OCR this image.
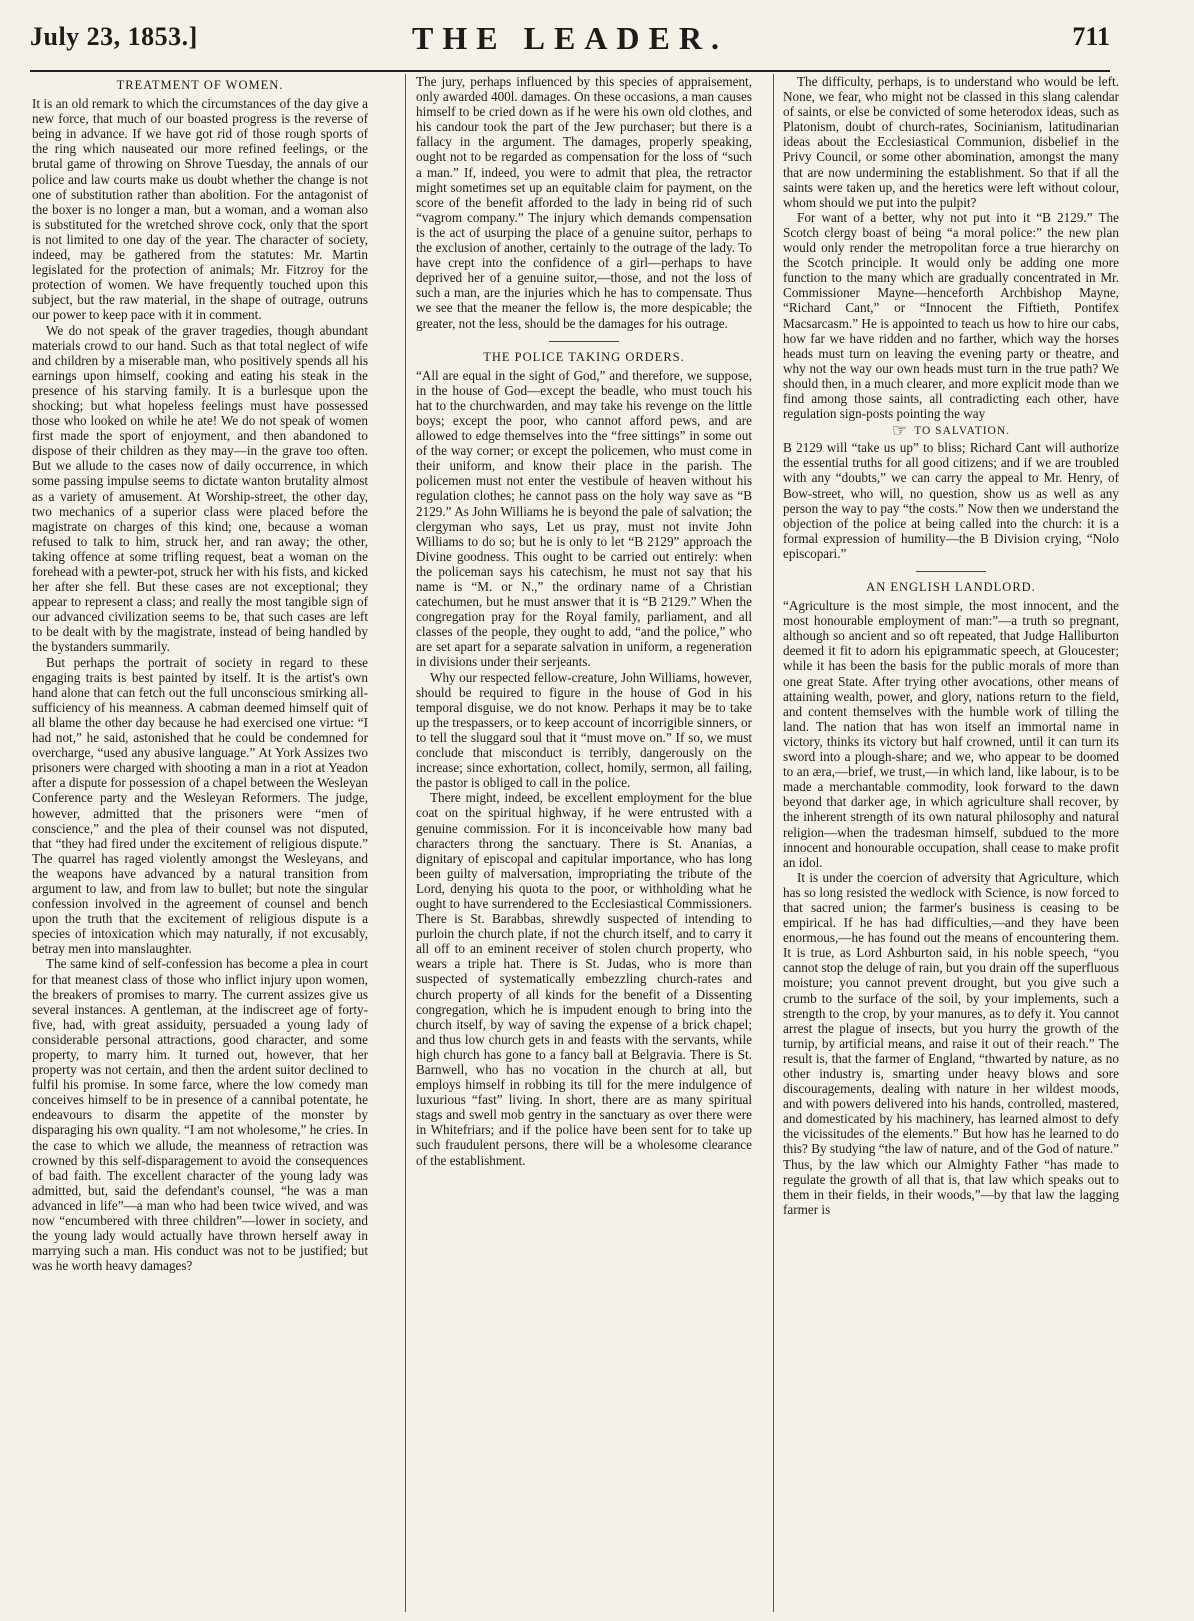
July 23, 1853.]	THE LEADER.	711
TREATMENT OF WOMEN.

It is an old remark to which the circumstances of the day give a new force, that much of our boasted progress is the reverse of being in advance. If we have got rid of those rough sports of the ring which nauseated our more refined feelings, or the brutal game of throwing on Shrove Tuesday, the annals of our police and law courts make us doubt whether the change is not one of substitution rather than abolition. For the antagonist of the boxer is no longer a man, but a woman, and a woman also is substituted for the wretched shrove cock, only that the sport is not limited to one day of the year. The character of society, indeed, may be gathered from the statutes: Mr. Martin legislated for the protection of animals; Mr. Fitzroy for the protection of women. We have frequently touched upon this subject, but the raw material, in the shape of outrage, outruns our power to keep pace with it in comment.

We do not speak of the graver tragedies, though abundant materials crowd to our hand. Such as that total neglect of wife and children by a miserable man, who positively spends all his earnings upon himself, cooking and eating his steak in the presence of his starving family. It is a burlesque upon the shocking; but what hopeless feelings must have possessed those who looked on while he ate! We do not speak of women first made the sport of enjoyment, and then abandoned to dispose of their children as they may—in the grave too often. But we allude to the cases now of daily occurrence, in which some passing impulse seems to dictate wanton brutality almost as a variety of amusement. At Worship-street, the other day, two mechanics of a superior class were placed before the magistrate on charges of this kind; one, because a woman refused to talk to him, struck her, and ran away; the other, taking offence at some trifling request, beat a woman on the forehead with a pewter-pot, struck her with his fists, and kicked her after she fell. But these cases are not exceptional; they appear to represent a class; and really the most tangible sign of our advanced civilization seems to be, that such cases are left to be dealt with by the magistrate, instead of being handled by the bystanders summarily.

But perhaps the portrait of society in regard to these engaging traits is best painted by itself. It is the artist's own hand alone that can fetch out the full unconscious smirking all-sufficiency of his meanness. A cabman deemed himself quit of all blame the other day because he had exercised one virtue: “I had not,” he said, astonished that he could be condemned for overcharge, “used any abusive language.” At York Assizes two prisoners were charged with shooting a man in a riot at Yeadon after a dispute for possession of a chapel between the Wesleyan Conference party and the Wesleyan Reformers. The judge, however, admitted that the prisoners were “men of conscience,” and the plea of their counsel was not disputed, that “they had fired under the excitement of religious dispute.” The quarrel has raged violently amongst the Wesleyans, and the weapons have advanced by a natural transition from argument to law, and from law to bullet; but note the singular confession involved in the agreement of counsel and bench upon the truth that the excitement of religious dispute is a species of intoxication which may naturally, if not excusably, betray men into manslaughter.

The same kind of self-confession has become a plea in court for that meanest class of those who inflict injury upon women, the breakers of promises to marry. The current assizes give us several instances. A gentleman, at the indiscreet age of forty-five, had, with great assiduity, persuaded a young lady of considerable personal attractions, good character, and some property, to marry him. It turned out, however, that her property was not certain, and then the ardent suitor declined to fulfil his promise. In some farce, where the low comedy man conceives himself to be in presence of a cannibal potentate, he endeavours to disarm the appetite of the monster by disparaging his own quality. “I am not wholesome,” he cries. In the case to which we allude, the meanness of retraction was crowned by this self-disparagement to avoid the consequences of bad faith. The excellent character of the young lady was admitted, but, said the defendant's counsel, “he was a man advanced in life”—a man who had been twice wived, and was now “encumbered with three children”—lower in society, and the young lady would actually have thrown herself away in marrying such a man. His conduct was not to be justified; but was he worth heavy damages?

The jury, perhaps influenced by this species of appraisement, only awarded 400l. damages. On these occasions, a man causes himself to be cried down as if he were his own old clothes, and his candour took the part of the Jew purchaser; but there is a fallacy in the argument. The damages, properly speaking, ought not to be regarded as compensation for the loss of “such a man.” If, indeed, you were to admit that plea, the retractor might sometimes set up an equitable claim for payment, on the score of the benefit afforded to the lady in being rid of such “vagrom company.” The injury which demands compensation is the act of usurping the place of a genuine suitor, perhaps to the exclusion of another, certainly to the outrage of the lady. To have crept into the confidence of a girl—perhaps to have deprived her of a genuine suitor,—those, and not the loss of such a man, are the injuries which he has to compensate. Thus we see that the meaner the fellow is, the more despicable; the greater, not the less, should be the damages for his outrage.

THE POLICE TAKING ORDERS.

“All are equal in the sight of God,” and therefore, we suppose, in the house of God—except the beadle, who must touch his hat to the churchwarden, and may take his revenge on the little boys; except the poor, who cannot afford pews, and are allowed to edge themselves into the “free sittings” in some out of the way corner; or except the policemen, who must come in their uniform, and know their place in the parish. The policemen must not enter the vestibule of heaven without his regulation clothes; he cannot pass on the holy way save as “B 2129.” As John Williams he is beyond the pale of salvation; the clergyman who says, Let us pray, must not invite John Williams to do so; but he is only to let “B 2129” approach the Divine goodness. This ought to be carried out entirely: when the policeman says his catechism, he must not say that his name is “M. or N.,” the ordinary name of a Christian catechumen, but he must answer that it is “B 2129.” When the congregation pray for the Royal family, parliament, and all classes of the people, they ought to add, “and the police,” who are set apart for a separate salvation in uniform, a regeneration in divisions under their serjeants.

Why our respected fellow-creature, John Williams, however, should be required to figure in the house of God in his temporal disguise, we do not know. Perhaps it may be to take up the trespassers, or to keep account of incorrigible sinners, or to tell the sluggard soul that it “must move on.” If so, we must conclude that misconduct is terribly, dangerously on the increase; since exhortation, collect, homily, sermon, all failing, the pastor is obliged to call in the police.

There might, indeed, be excellent employment for the blue coat on the spiritual highway, if he were entrusted with a genuine commission. For it is inconceivable how many bad characters throng the sanctuary. There is St. Ananias, a dignitary of episcopal and capitular importance, who has long been guilty of malversation, impropriating the tribute of the Lord, denying his quota to the poor, or withholding what he ought to have surrendered to the Ecclesiastical Commissioners. There is St. Barabbas, shrewdly suspected of intending to purloin the church plate, if not the church itself, and to carry it all off to an eminent receiver of stolen church property, who wears a triple hat. There is St. Judas, who is more than suspected of systematically embezzling church-rates and church property of all kinds for the benefit of a Dissenting congregation, which he is impudent enough to bring into the church itself, by way of saving the expense of a brick chapel; and thus low church gets in and feasts with the servants, while high church has gone to a fancy ball at Belgravia. There is St. Barnwell, who has no vocation in the church at all, but employs himself in robbing its till for the mere indulgence of luxurious “fast” living. In short, there are as many spiritual stags and swell mob gentry in the sanctuary as over there were in Whitefriars; and if the police have been sent for to take up such fraudulent persons, there will be a wholesome clearance of the establishment.

The difficulty, perhaps, is to understand who would be left. None, we fear, who might not be classed in this slang calendar of saints, or else be convicted of some heterodox ideas, such as Platonism, doubt of church-rates, Socinianism, latitudinarian ideas about the Ecclesiastical Communion, disbelief in the Privy Council, or some other abomination, amongst the many that are now undermining the establishment. So that if all the saints were taken up, and the heretics were left without colour, whom should we put into the pulpit?

For want of a better, why not put into it “B 2129.” The Scotch clergy boast of being “a moral police:” the new plan would only render the metropolitan force a true hierarchy on the Scotch principle. It would only be adding one more function to the many which are gradually concentrated in Mr. Commissioner Mayne—henceforth Archbishop Mayne, “Richard Cant,” or “Innocent the Fiftieth, Pontifex Macsarcasm.” He is appointed to teach us how to hire our cabs, how far we have ridden and no farther, which way the horses heads must turn on leaving the evening party or theatre, and why not the way our own heads must turn in the true path? We should then, in a much clearer, and more explicit mode than we find among those saints, all contradicting each other, have regulation sign-posts pointing the way

☞ TO SALVATION.

B 2129 will “take us up” to bliss; Richard Cant will authorize the essential truths for all good citizens; and if we are troubled with any “doubts,” we can carry the appeal to Mr. Henry, of Bow-street, who will, no question, show us as well as any person the way to pay “the costs.” Now then we understand the objection of the police at being called into the church: it is a formal expression of humility—the B Division crying, “Nolo episcopari.”

AN ENGLISH LANDLORD.

“Agriculture is the most simple, the most innocent, and the most honourable employment of man:”—a truth so pregnant, although so ancient and so oft repeated, that Judge Halliburton deemed it fit to adorn his epigrammatic speech, at Gloucester; while it has been the basis for the public morals of more than one great State. After trying other avocations, other means of attaining wealth, power, and glory, nations return to the field, and content themselves with the humble work of tilling the land. The nation that has won itself an immortal name in victory, thinks its victory but half crowned, until it can turn its sword into a plough-share; and we, who appear to be doomed to an æra,—brief, we trust,—in which land, like labour, is to be made a merchantable commodity, look forward to the dawn beyond that darker age, in which agriculture shall recover, by the inherent strength of its own natural philosophy and natural religion—when the tradesman himself, subdued to the more innocent and honourable occupation, shall cease to make profit an idol.

It is under the coercion of adversity that Agriculture, which has so long resisted the wedlock with Science, is now forced to that sacred union; the farmer's business is ceasing to be empirical. If he has had difficulties,—and they have been enormous,—he has found out the means of encountering them. It is true, as Lord Ashburton said, in his noble speech, “you cannot stop the deluge of rain, but you drain off the superfluous moisture; you cannot prevent drought, but you give such a crumb to the surface of the soil, by your implements, such a strength to the crop, by your manures, as to defy it. You cannot arrest the plague of insects, but you hurry the growth of the turnip, by artificial means, and raise it out of their reach.” The result is, that the farmer of England, “thwarted by nature, as no other industry is, smarting under heavy blows and sore discouragements, dealing with nature in her wildest moods, and with powers delivered into his hands, controlled, mastered, and domesticated by his machinery, has learned almost to defy the vicissitudes of the elements.” But how has he learned to do this? By studying “the law of nature, and of the God of nature.” Thus, by the law which our Almighty Father “has made to regulate the growth of all that is, that law which speaks out to them in their fields, in their woods,”—by that law the lagging farmer is
